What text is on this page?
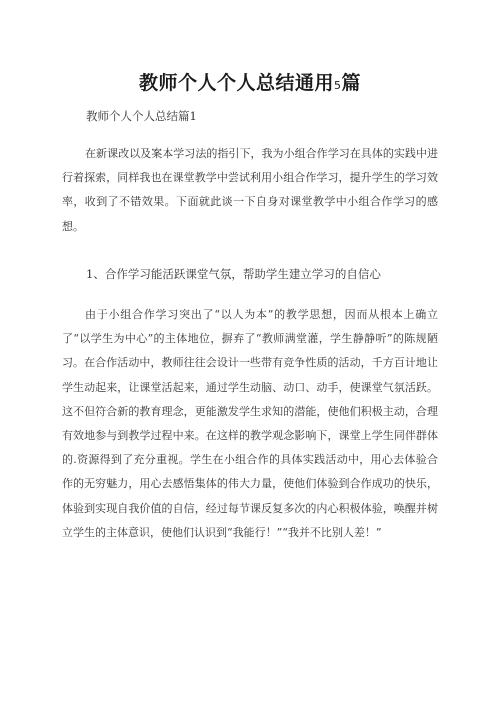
教师个人个人总结通用5篇
教师个人个人总结篇1

在新课改以及案本学习法的指引下，我为小组合作学习在具体的实践中进行着探索，同样我也在课堂教学中尝试利用小组合作学习，提升学生的学习效率，收到了不错效果。下面就此谈一下自身对课堂教学中小组合作学习的感想。

1、合作学习能活跃课堂气氛，帮助学生建立学习的自信心

由于小组合作学习突出了“以人为本”的教学思想，因而从根本上确立了“以学生为中心”的主体地位，摒弃了“教师满堂灌，学生静静听”的陈规陋习。在合作活动中，教师往往会设计一些带有竞争性质的活动，千方百计地让学生动起来，让课堂活起来，通过学生动脑、动口、动手，使课堂气氛活跃。这不但符合新的教育理念，更能激发学生求知的潜能，使他们积极主动，合理有效地参与到教学过程中来。在这样的教学观念影响下，课堂上学生同伴群体的.资源得到了充分重视。学生在小组合作的具体实践活动中，用心去体验合作的无穷魅力，用心去感悟集体的伟大力量，使他们体验到合作成功的快乐，体验到实现自我价值的自信，经过每节课反复多次的内心积极体验，唤醒并树立学生的主体意识，使他们认识到“我能行！”“我并不比别人差！”
